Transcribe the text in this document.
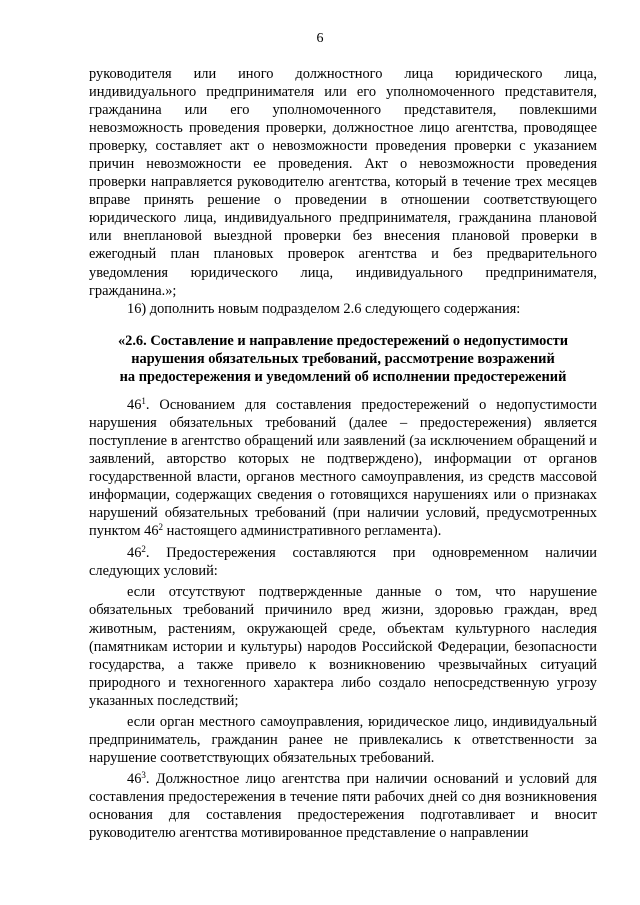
6

руководителя или иного должностного лица юридического лица, индивидуального предпринимателя или его уполномоченного представителя, гражданина или его уполномоченного представителя, повлекшими невозможность проведения проверки, должностное лицо агентства, проводящее проверку, составляет акт о невозможности проведения проверки с указанием причин невозможности ее проведения. Акт о невозможности проведения проверки направляется руководителю агентства, который в течение трех месяцев вправе принять решение о проведении в отношении соответствующего юридического лица, индивидуального предпринимателя, гражданина плановой или внеплановой выездной проверки без внесения плановой проверки в ежегодный план плановых проверок агентства и без предварительного уведомления юридического лица, индивидуального предпринимателя, гражданина.»;

16) дополнить новым подразделом 2.6 следующего содержания:

«2.6. Составление и направление предостережений о недопустимости
нарушения обязательных требований, рассмотрение возражений
на предостережения и уведомлений об исполнении предостережений

$46^1$. Основанием для составления предостережений о недопустимости нарушения обязательных требований (далее – предостережения) является поступление в агентство обращений или заявлений (за исключением обращений и заявлений, авторство которых не подтверждено), информации от органов государственной власти, органов местного самоуправления, из средств массовой информации, содержащих сведения о готовящихся нарушениях или о признаках нарушений обязательных требований (при наличии условий, предусмотренных пунктом $46^2$ настоящего административного регламента).

$46^2$. Предостережения составляются при одновременном наличии следующих условий:

если отсутствуют подтвержденные данные о том, что нарушение обязательных требований причинило вред жизни, здоровью граждан, вред животным, растениям, окружающей среде, объектам культурного наследия (памятникам истории и культуры) народов Российской Федерации, безопасности государства, а также привело к возникновению чрезвычайных ситуаций природного и техногенного характера либо создало непосредственную угрозу указанных последствий;

если орган местного самоуправления, юридическое лицо, индивидуальный предприниматель, гражданин ранее не привлекались к ответственности за нарушение соответствующих обязательных требований.

$46^3$. Должностное лицо агентства при наличии оснований и условий для составления предостережения в течение пяти рабочих дней со дня возникновения основания для составления предостережения подготавливает и вносит руководителю агентства мотивированное представление о направлении
